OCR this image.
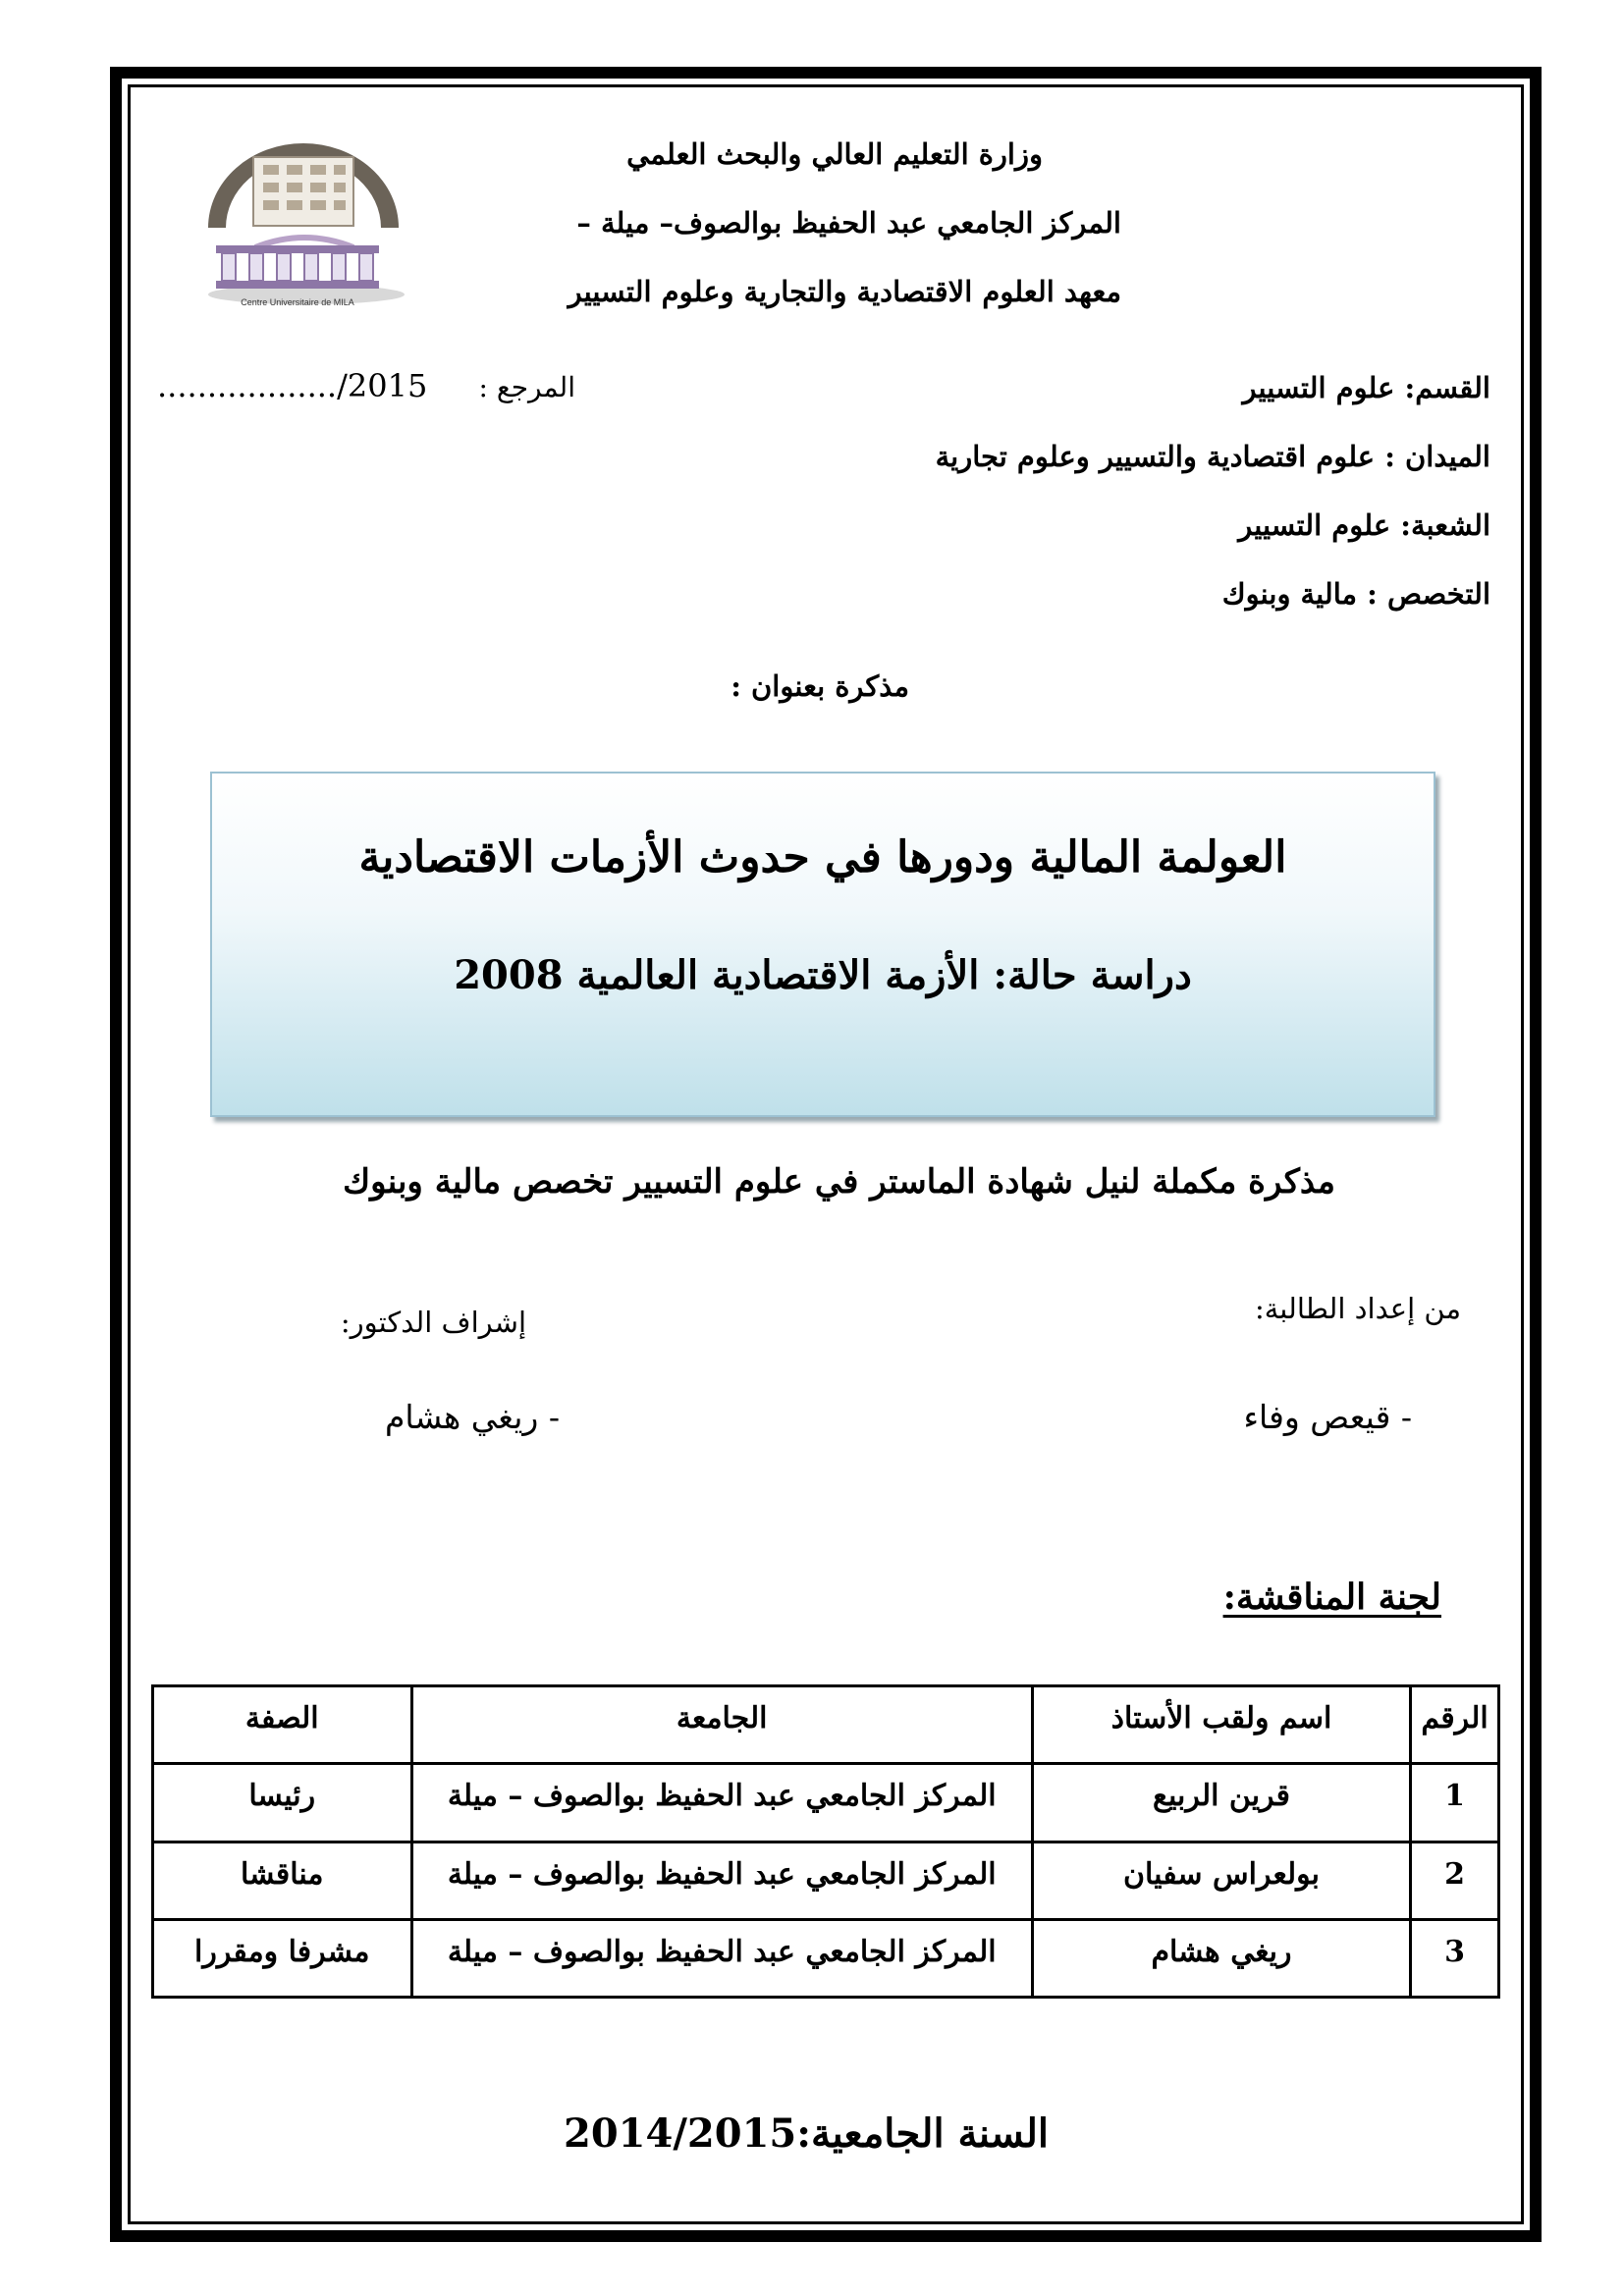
Centre Universitaire de MILA
وزارة التعليم العالي والبحث العلمي
المركز الجامعي عبد الحفيظ بوالصوف– ميلة –
معهد العلوم الاقتصادية والتجارية وعلوم التسيير
المرجع :
................../2015	القسم: علوم التسيير
الميدان : علوم اقتصادية والتسيير وعلوم تجارية
الشعبة: علوم التسيير
التخصص : مالية وبنوك
مذكرة بعنوان :
العولمة المالية ودورها في حدوث الأزمات الاقتصادية
دراسة حالة: الأزمة الاقتصادية العالمية 2008
مذكرة مكملة لنيل شهادة الماستر في علوم التسيير تخصص مالية وبنوك
من إعداد الطالبة:
إشراف الدكتور:
- قيعص وفاء
- ريغي هشام
لجنة المناقشة:
الرقم	اسم ولقب الأستاذ	الجامعة	الصفة
1	قرين الربيع	المركز الجامعي عبد الحفيظ بوالصوف – ميلة	رئيسا
2	بولعراس سفيان	المركز الجامعي عبد الحفيظ بوالصوف – ميلة	مناقشا
3	ريغي هشام	المركز الجامعي عبد الحفيظ بوالصوف – ميلة	مشرفا ومقررا
السنة الجامعية:2014/2015
